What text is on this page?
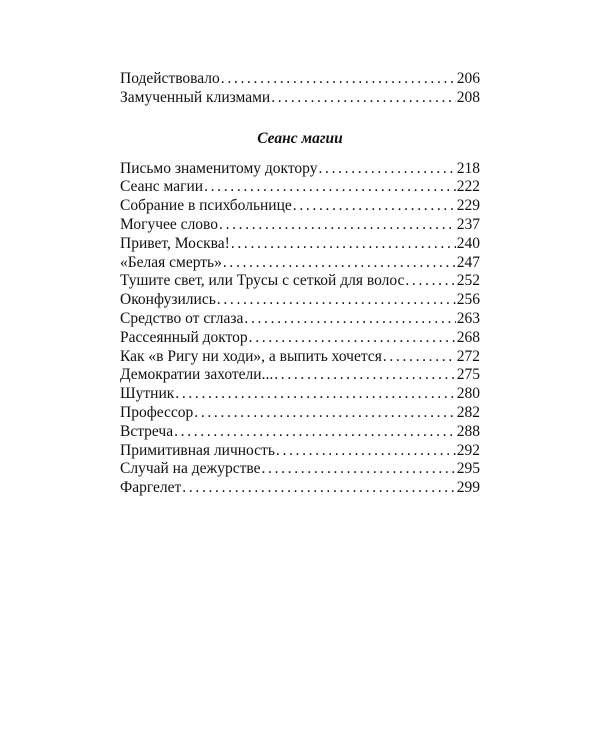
Подействовало . . .	206
Замученный клизмами . . .	208
Сеанс магии
Письмо знаменитому доктору . . .	218
Сеанс магии . . .	222
Собрание в психбольнице . . .	229
Могучее слово . . .	237
Привет, Москва! . . .	240
«Белая смерть» . . .	247
Тушите свет, или Трусы с сеткой для волос . . .	252
Оконфузились . . .	256
Средство от сглаза . . .	263
Рассеянный доктор . . .	268
Как «в Ригу ни ходи», а выпить хочется . . .	272
Демократии захотели... . . .	275
Шутник . . .	280
Профессор . . .	282
Встреча . . .	288
Примитивная личность . . .	292
Случай на дежурстве . . .	295
Фаргелет . . .	299
